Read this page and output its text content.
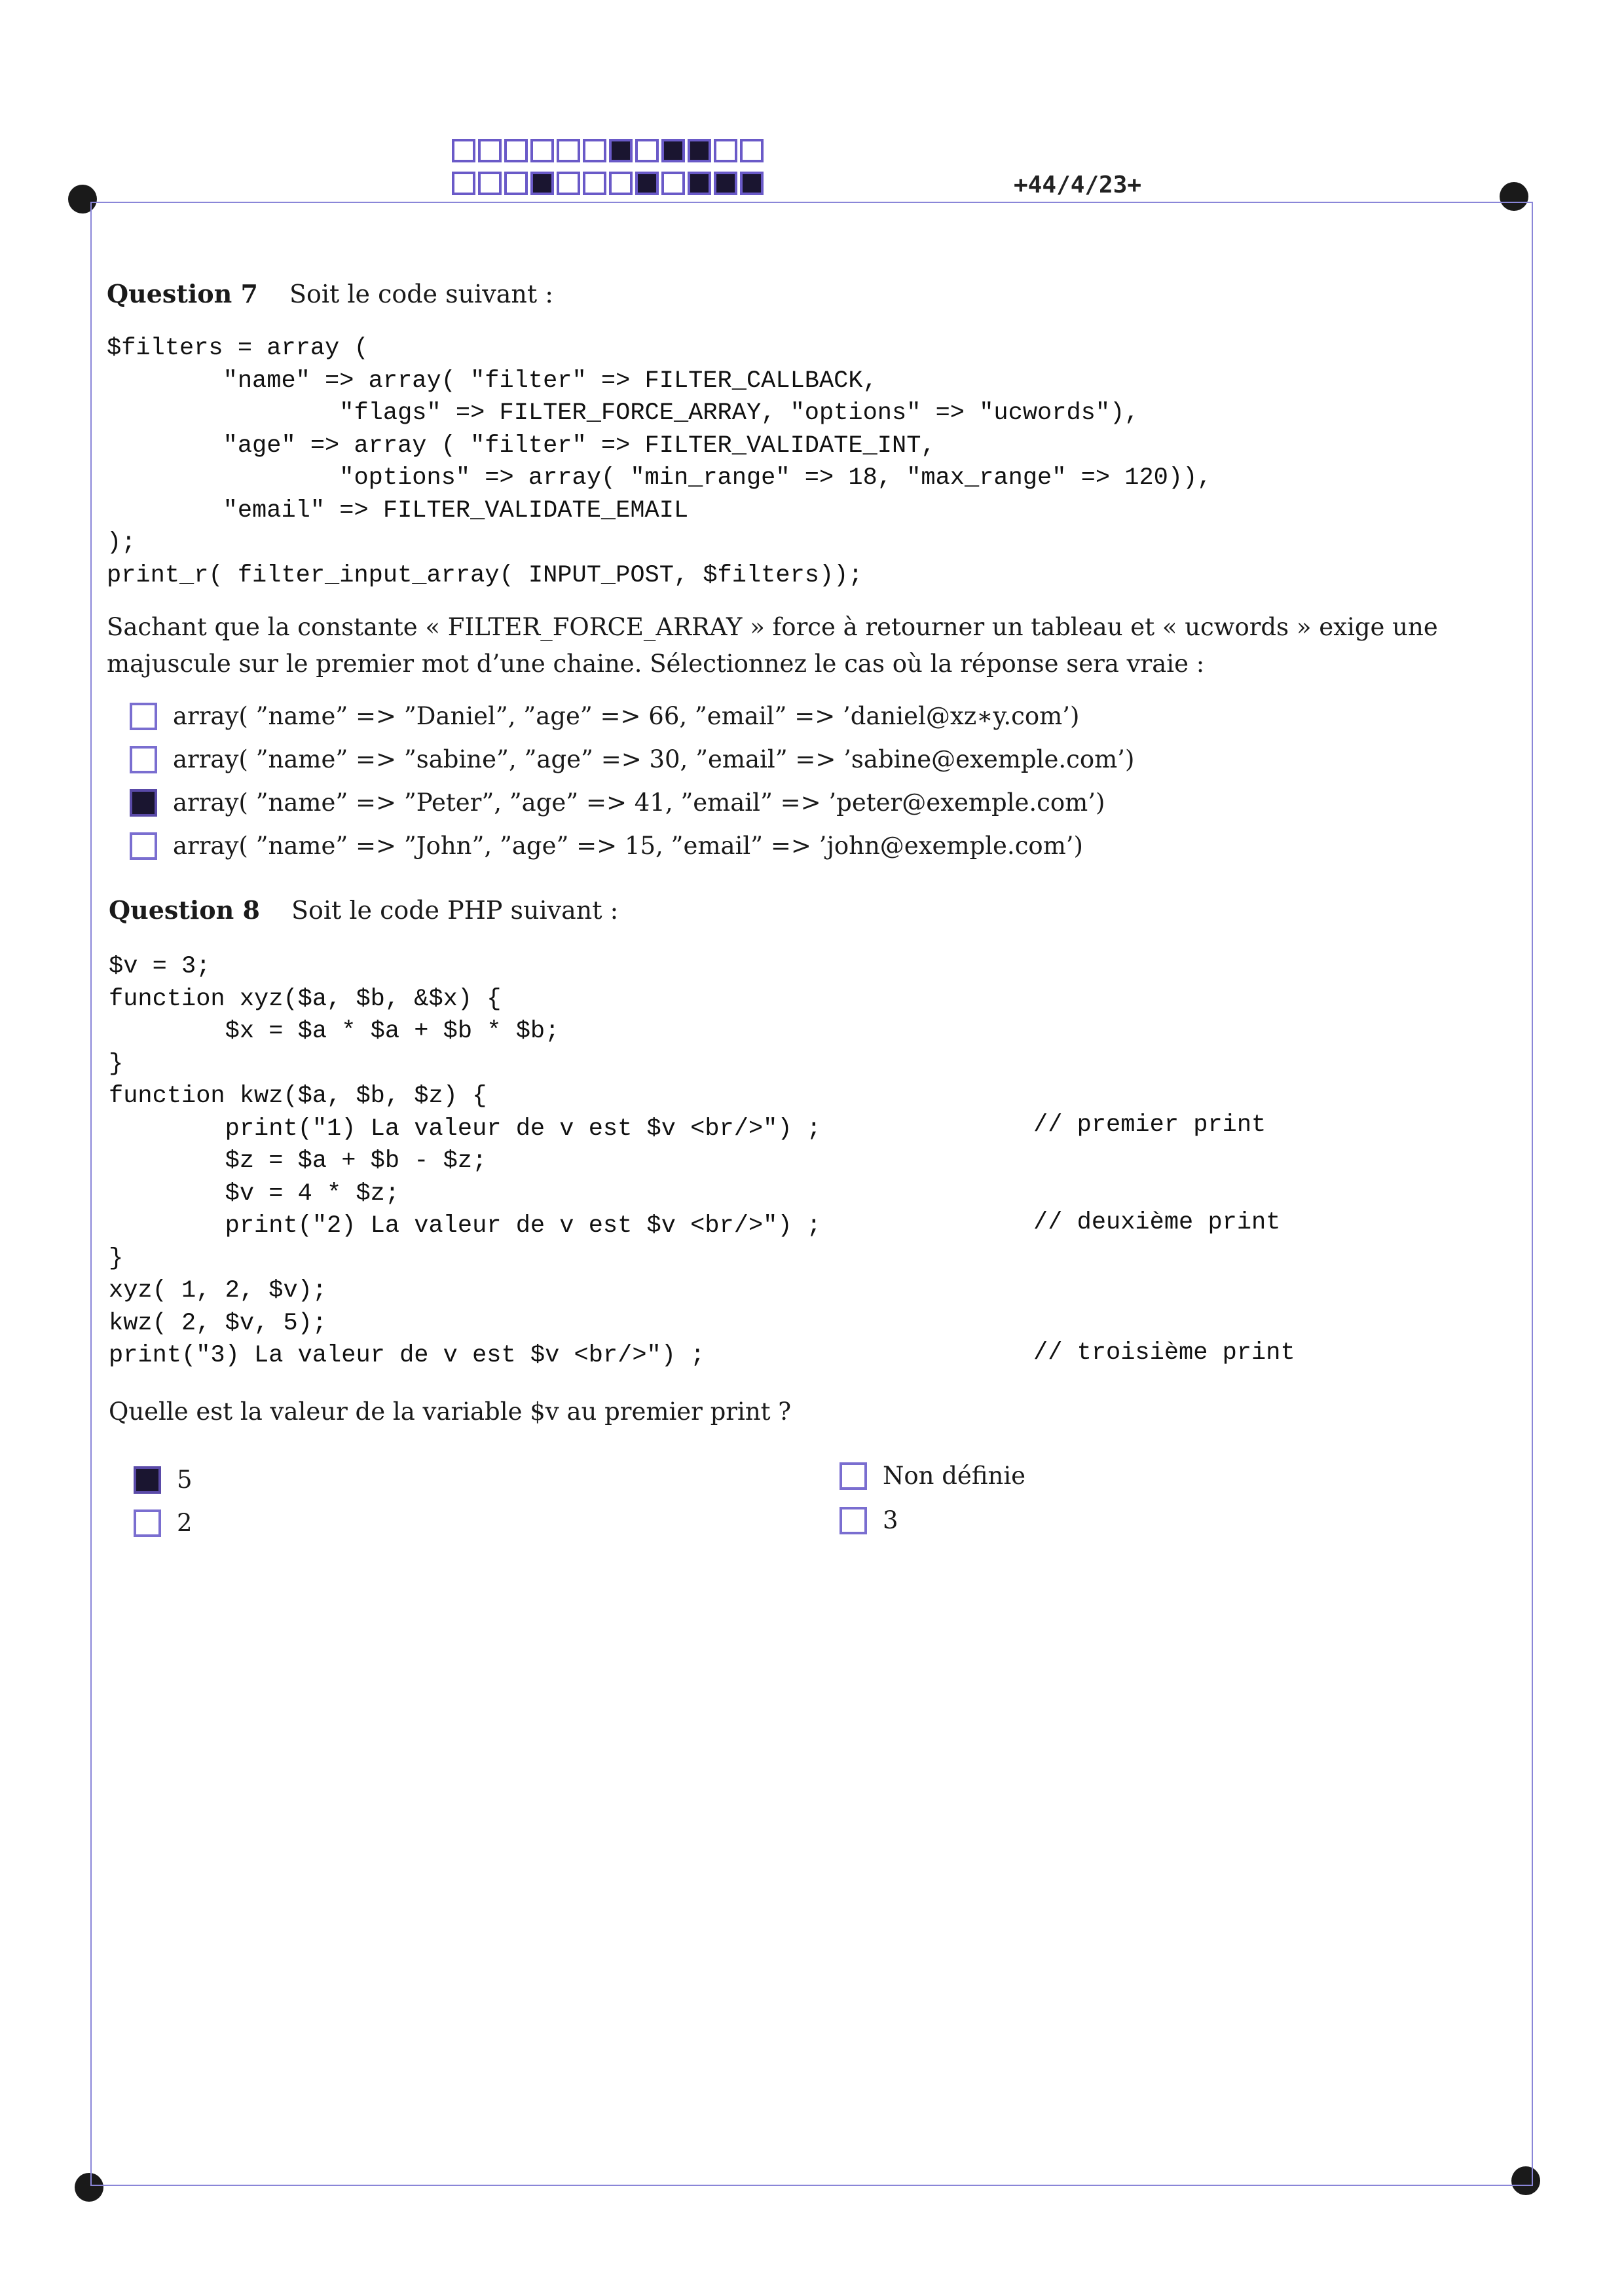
+44/4/23+
Question 7 Soit le code suivant :
$filters = array (
"name" => array( "filter" => FILTER_CALLBACK,
"flags" => FILTER_FORCE_ARRAY, "options" => "ucwords"),
"age" => array ( "filter" => FILTER_VALIDATE_INT,
"options" => array( "min_range" => 18, "max_range" => 120)),
"email" => FILTER_VALIDATE_EMAIL
);
print_r( filter_input_array( INPUT_POST, $filters));
Sachant que la constante « FILTER_FORCE_ARRAY » force à retourner un tableau et « ucwords » exige une majuscule sur le premier mot d’une chaine. Sélectionnez le cas où la réponse sera vraie :
array( ”name” => ”Daniel”, ”age” => 66, ”email” => ’daniel@xz∗y.com’)
array( ”name” => ”sabine”, ”age” => 30, ”email” => ’sabine@exemple.com’)
array( ”name” => ”Peter”, ”age” => 41, ”email” => ’peter@exemple.com’)
array( ”name” => ”John”, ”age” => 15, ”email” => ’john@exemple.com’)
Question 8 Soit le code PHP suivant :
$v = 3;
function xyz($a, $b, &$x) {
$x = $a * $a + $b * $b;
}
function kwz($a, $b, $z) {
print("1) La valeur de v est $v <br/>") ;
$z = $a + $b - $z;
$v = 4 * $z;
print("2) La valeur de v est $v <br/>") ;
}
xyz( 1, 2, $v);
kwz( 2, $v, 5);
print("3) La valeur de v est $v <br/>") ;
// premier print
// deuxième print
// troisième print
Quelle est la valeur de la variable $v au premier print ?
5	Non définie
2	3
